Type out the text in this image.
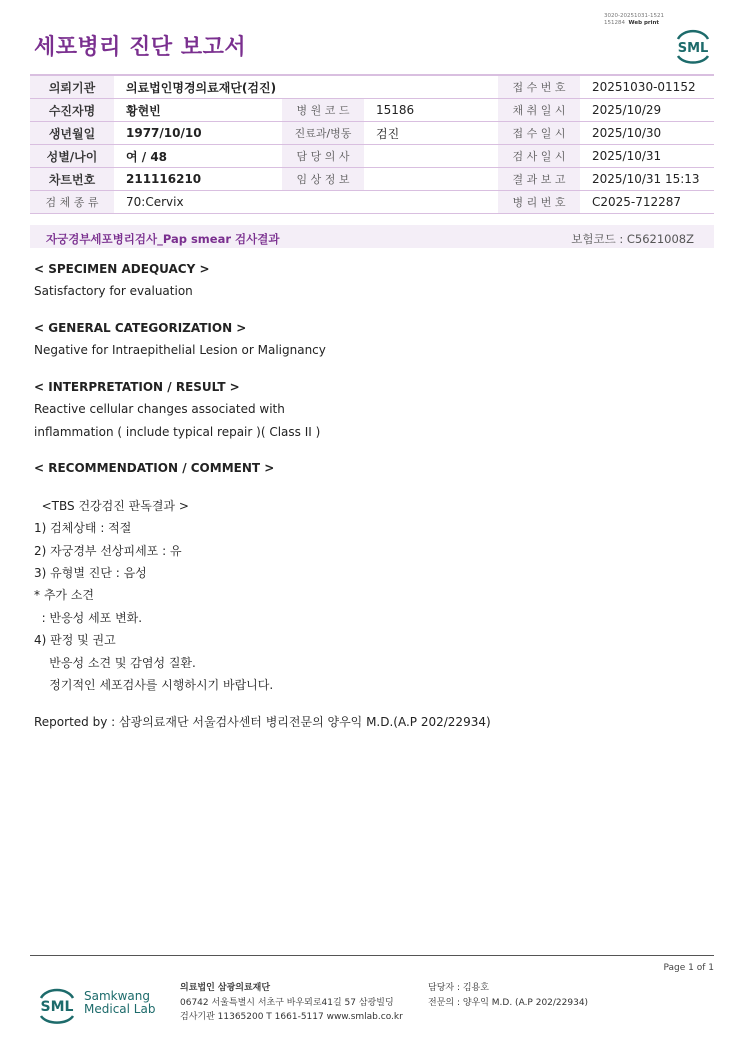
세포병리 진단 보고서
3020-20251031-1521
151284 Web print
SML
의뢰기관	의료법인명경의료재단(검진)			접 수 번 호	20251030-01152
수진자명	황현빈	병 원 코 드	15186	채 취 일 시	2025/10/29
생년월일	1977/10/10	진료과/병동	검진	접 수 일 시	2025/10/30
성별/나이	여 / 48	담 당 의 사		검 사 일 시	2025/10/31
차트번호	211116210	임 상 정 보		결 과 보 고	2025/10/31 15:13
검 체 종 류	70:Cervix			병 리 번 호	C2025-712287
자궁경부세포병리검사_Pap smear 검사결과	보험코드 : C5621008Z
< SPECIMEN ADEQUACY >
Satisfactory for evaluation
< GENERAL CATEGORIZATION >
Negative for Intraepithelial Lesion or Malignancy
< INTERPRETATION / RESULT >
Reactive cellular changes associated with
inflammation ( include typical repair )( Class II )
< RECOMMENDATION / COMMENT >
<TBS 건강검진 판독결과 >
1) 검체상태 : 적절
2) 자궁경부 선상피세포 : 유
3) 유형별 진단 : 음성
* 추가 소견
: 반응성 세포 변화.
4) 판정 및 권고
반응성 소견 및 감염성 질환.
정기적인 세포검사를 시행하시기 바랍니다.
Reported by : 삼광의료재단 서울검사센터 병리전문의 양우익 M.D.(A.P 202/22934)
Page 1 of 1
SML
Samkwang
Medical Lab
의료법인 삼광의료재단
06742 서울특별시 서초구 바우뫼로41길 57 삼광빌딩
검사기관 11365200 T 1661-5117 www.smlab.co.kr
담당자 : 김용호
전문의 : 양우익 M.D. (A.P 202/22934)
